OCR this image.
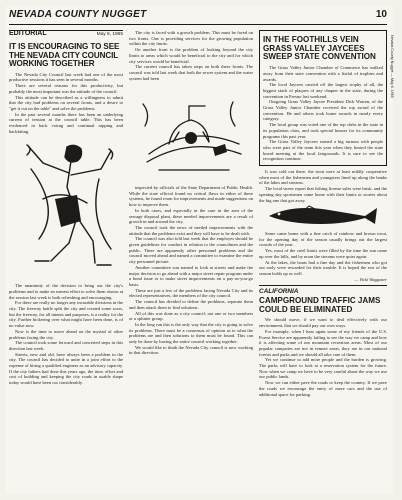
NEVADA COUNTY NUGGET	10
Nevada County Nugget — May 6, 1965
EDITORIAL	May 6, 1965
IT IS ENCOURAGING TO SEE THE NEVADA CITY COUNCIL WORKING TOGETHER

The Nevada City Council last week had one of the most productive sessions it has seen in several months.

There are several reasons for this productivity, but probably the most important was the attitude of the council.

This attitude can be described as a willingness to admit that the city had problems on several fronts, and a desire to "get it out on the table" and solve the problems.

In the past several months there has been an underlying current of tension at the council table. This has been evidenced in back voting and continual nipping and backbiting.

The unanimity of the decision to bring out the city's problems and to make an earnest effort to solve them shown at the session last week is both refreshing and encouraging.

For there are really no longer any incurable divisions in the city. The freeway battle split the city and created some scars, but the freeway, for all intents and purposes, is a reality for the city. Further bickering over what might have been done, is of no value now.

Now is the time to move ahead on the myriad of other problems facing the city.

The council took some forward and concerted steps in this direction last week.

Streets, new and old, have always been a problem in the city. The council has decided to unite in a joint effort to the expense of hiring a qualified engineer as an advisory capacity. If the city fathers had done this years ago, the time, effort and cost of building and keeping the city roads in usable shape today would have been cut considerably.

The city is faced with a growth problem. This must be faced on two fronts. One is providing services for the growing population within the city limits.

On another front is the problem of looking beyond the city limits to areas which would be beneficial to the city and for which city services would be beneficial.

The current council has taken steps on both these fronts. The council was told last week that both the sewer system and the water system had been

inspected by officials of the State Department of Public Health. While the state official found no critical flaws in either of these systems, he found room for improvements and made suggestions on how to improve them.

In both cases, and especially in the case in the area of the sewage disposal plant, these needed improvements are a result of growth in and around the city.

The council took the news of needed improvements with the attitude that the problems exist and they will have to be dealt with.

The council was also told last week that the employes should be given guidelines for conduct in relation to the councilmen and the public. There are apparently other personnel problems and the council moved ahead and named a committee to examine the entire city personnel picture.

Another committee was named to look at streets and make the major decision to go ahead with a major street repair program under a bond issue or to make street improvements on a pay-as-you-go basis.

These are just a few of the problems facing Nevada City and its elected representatives, the members of the city council.

The council has decided to define the problems, separate them and then attack them to find solutions.

All of this was done as a city council; not one or two members or a splinter group.

In the long run this is the only way that the city is going to solve its problems. There must be a consensus of opinion as to what the problems are and then solutions to them must be found. This can only be done by having the entire council working together.

We would like to think the Nevada City council is now working in that direction.

IN THE FOOTHILLS VEIN GRASS VALLEY JAYCEES SWEEP STATE CONVENTION

The Grass Valley Junior Chamber of Commerce has walked away from their state convention with a fistful of trophies and awards.

The local Jaycees carried off the largest trophy of all, the biggest stack of plaques of any chapter in the state, during the convention in Fresno last weekend.

Outgoing Grass Valley Jaycee President Dick Warren, of the Grass Valley Junior Chamber received the top award of the convention. He and others took home awards in nearly every category.

The local group was voted one of the top clubs in the state in its population class, and took special honors for its community programs this past year.

The Grass Valley Jaycees earned a big turnout with people who were part of the team this year when they hosted the state board meeting at the local fairgrounds. It is sure to see the recognition continue.

It was cold out there, the trout were at least mildly cooperative when most of the fishermen and youngsters lined up along the banks of the lakes and streams.

The local stores report that fishing license sales were brisk, and the opening day sportsmen came home with their limits or stories about the big one that got away.

Some came home with a fine catch of rainbow and brown trout, for the opening day of the season usually brings out the largest crowds of the year.

Yes, most of the creel limits were filled by the time the sun came up over the hills, and by noon the streams were quiet again.

At the lakes, the boats had a fine day and the fishermen who got out early were rewarded for their trouble. It is hoped the rest of the season holds up as well.

— Vicki Waggoner
CALIFORNIA
CAMPGROUND TRAFFIC JAMS COULD BE ELIMINATED

We should move, if we want to deal effectively with our environment, that we should pay our own ways.

For example, when I hear again some of my friends of the U.S. Forest Service are apparently failing to see the way we camp and how it is affecting some of our mountain recreation areas. Most of our popular campsites are not in remote areas, they are in our national forests and parks and we should all take care of them.

Yet we continue to add more people and the burden is growing. The parks will have to look at a reservation system for the future. Now when we camp we have to be very careful about the way we use our public lands.

Now we can either pave the roads or keep the country. If we pave the roads we encourage the entry of more cars and the use of additional space for parking.
